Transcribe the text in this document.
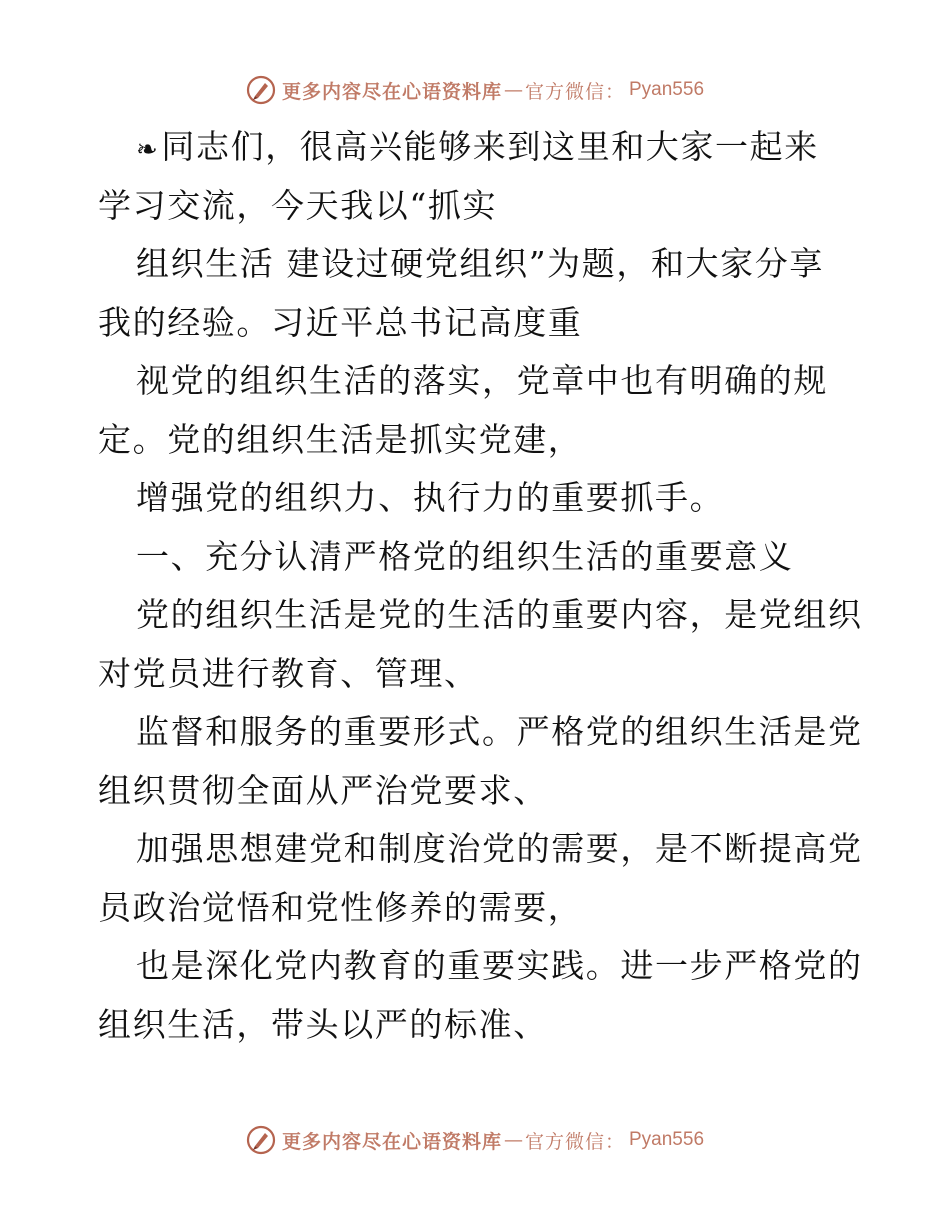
更多内容尽在心语资料库 — 官方微信： Pyan556
❧同志们，很高兴能够来到这里和大家一起来
学习交流，今天我以“抓实
组织生活 建设过硬党组织”为题，和大家分享
我的经验。习近平总书记高度重
视党的组织生活的落实，党章中也有明确的规
定。党的组织生活是抓实党建，
增强党的组织力、执行力的重要抓手。
一、充分认清严格党的组织生活的重要意义
党的组织生活是党的生活的重要内容，是党组织
对党员进行教育、管理、
监督和服务的重要形式。严格党的组织生活是党
组织贯彻全面从严治党要求、
加强思想建党和制度治党的需要，是不断提高党
员政治觉悟和党性修养的需要，
也是深化党内教育的重要实践。进一步严格党的
组织生活，带头以严的标准、
更多内容尽在心语资料库 — 官方微信： Pyan556
